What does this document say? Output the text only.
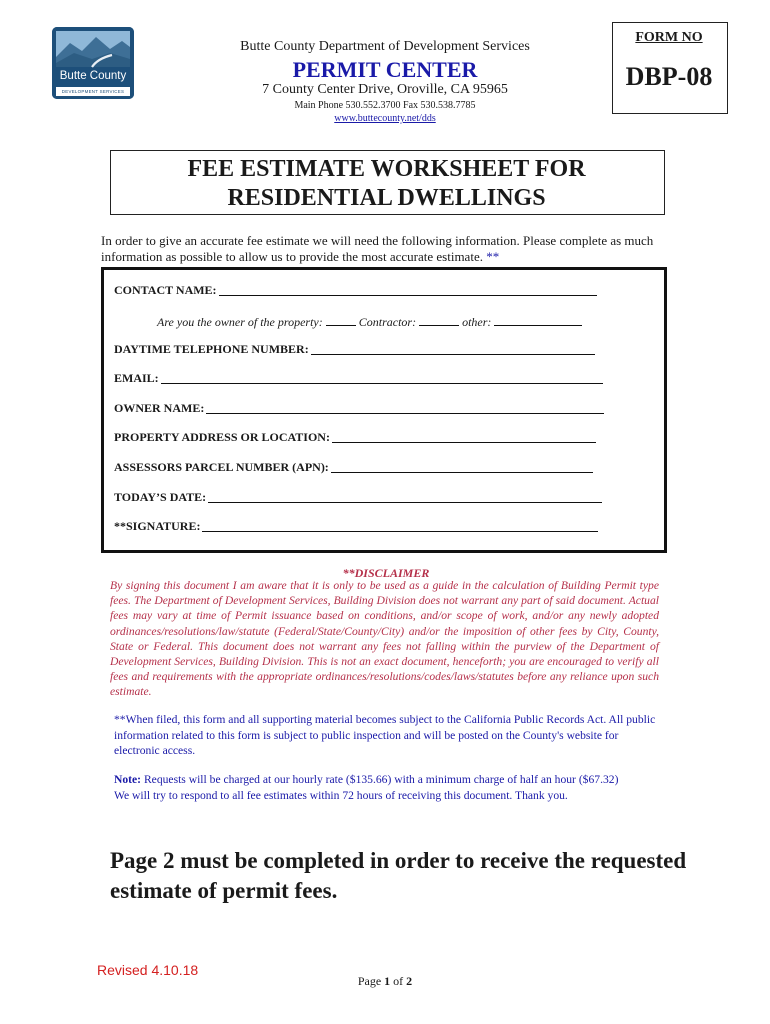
Butte County
DEVELOPMENT SERVICES
Butte County Department of Development Services
PERMIT CENTER
7 County Center Drive, Oroville, CA 95965
Main Phone 530.552.3700 Fax 530.538.7785
www.buttecounty.net/dds
FORM NO
DBP-08
FEE ESTIMATE WORKSHEET FOR
RESIDENTIAL DWELLINGS
In order to give an accurate fee estimate we will need the following information. Please complete as much information as possible to allow us to provide the most accurate estimate. **
CONTACT NAME:
Are you the owner of the property:	Contractor:	other:
DAYTIME TELEPHONE NUMBER:
EMAIL:
OWNER NAME:
PROPERTY ADDRESS OR LOCATION:
ASSESSORS PARCEL NUMBER (APN):
TODAY’S DATE:
**SIGNATURE:
**DISCLAIMER
By signing this document I am aware that it is only to be used as a guide in the calculation of Building Permit type fees. The Department of Development Services, Building Division does not warrant any part of said document. Actual fees may vary at time of Permit issuance based on conditions, and/or scope of work, and/or any newly adopted ordinances/resolutions/law/statute (Federal/State/County/City) and/or the imposition of other fees by City, County, State or Federal. This document does not warrant any fees not falling within the purview of the Department of Development Services, Building Division. This is not an exact document, henceforth; you are encouraged to verify all fees and requirements with the appropriate ordinances/resolutions/codes/laws/statutes before any reliance upon such estimate.
**When filed, this form and all supporting material becomes subject to the California Public Records Act. All public information related to this form is subject to public inspection and will be posted on the County's website for electronic access.
Note: Requests will be charged at our hourly rate ($135.66) with a minimum charge of half an hour ($67.32)
We will try to respond to all fee estimates within 72 hours of receiving this document. Thank you.
Page 2 must be completed in order to receive the requested estimate of permit fees.
Revised 4.10.18
Page 1 of 2
